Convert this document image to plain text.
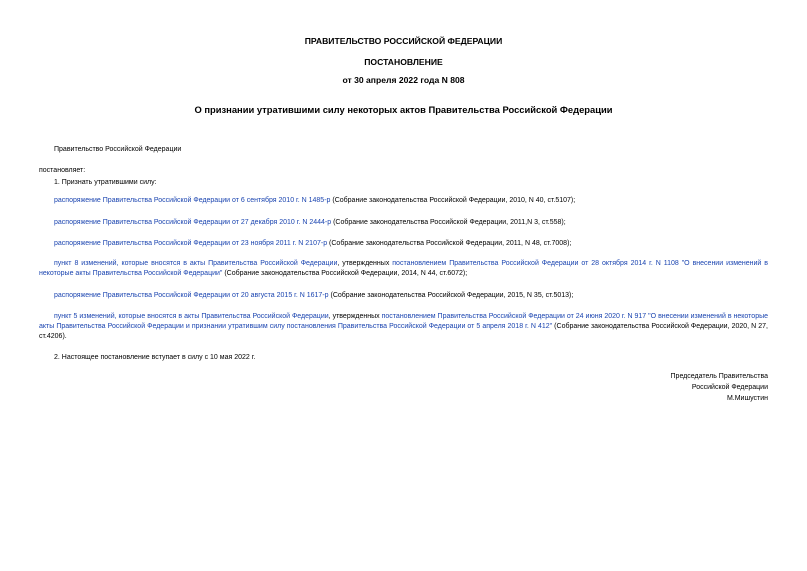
ПРАВИТЕЛЬСТВО РОССИЙСКОЙ ФЕДЕРАЦИИ
ПОСТАНОВЛЕНИЕ
от 30 апреля 2022 года N 808
О признании утратившими силу некоторых актов Правительства Российской Федерации

Правительство Российской Федерации

постановляет:

1. Признать утратившими силу:

распоряжение Правительства Российской Федерации от 6 сентября 2010 г. N 1485-р (Собрание законодательства Российской Федерации, 2010, N 40, ст.5107);

распоряжение Правительства Российской Федерации от 27 декабря 2010 г. N 2444-р (Собрание законодательства Российской Федерации, 2011,N 3, ст.558);

распоряжение Правительства Российской Федерации от 23 ноября 2011 г. N 2107-р (Собрание законодательства Российской Федерации, 2011, N 48, ст.7008);

пункт 8 изменений, которые вносятся в акты Правительства Российской Федерации, утвержденных постановлением Правительства Российской Федерации от 28 октября 2014 г. N 1108 "О внесении изменений в некоторые акты Правительства Российской Федерации" (Собрание законодательства Российской Федерации, 2014, N 44, ст.6072);

распоряжение Правительства Российской Федерации от 20 августа 2015 г. N 1617-р (Собрание законодательства Российской Федерации, 2015, N 35, ст.5013);

пункт 5 изменений, которые вносятся в акты Правительства Российской Федерации, утвержденных постановлением Правительства Российской Федерации от 24 июня 2020 г. N 917 "О внесении изменений в некоторые акты Правительства Российской Федерации и признании утратившим силу постановления Правительства Российской Федерации от 5 апреля 2018 г. N 412" (Собрание законодательства Российской Федерации, 2020, N 27, ст.4206).

2. Настоящее постановление вступает в силу с 10 мая 2022 г.

Председатель Правительства
Российской Федерации
М.Мишустин
